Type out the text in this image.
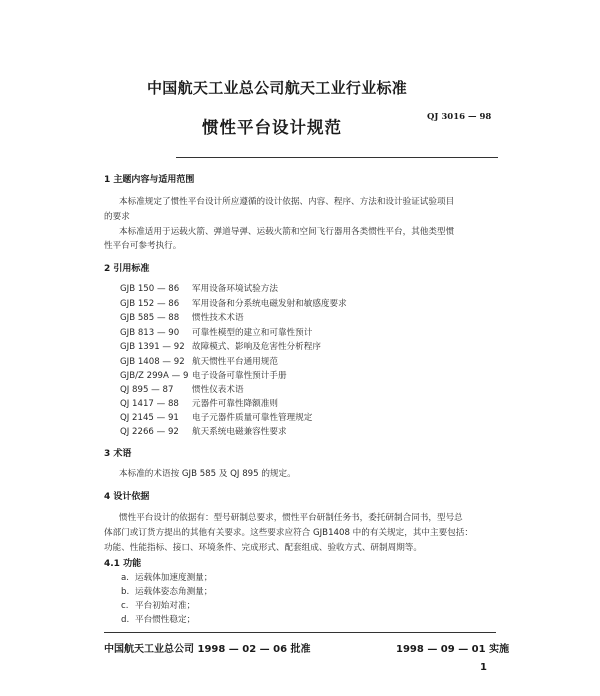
中国航天工业总公司航天工业行业标准
惯性平台设计规范
QJ 3016 — 98
1 主题内容与适用范围
本标准规定了惯性平台设计所应遵循的设计依据、内容、程序、方法和设计验证试验项目
的要求
本标准适用于运载火箭、弹道导弹、运载火箭和空间飞行器用各类惯性平台，其他类型惯
性平台可参考执行。
2 引用标准
GJB 150 — 86 军用设备环境试验方法
GJB 152 — 86 军用设备和分系统电磁发射和敏感度要求
GJB 585 — 88 惯性技术术语
GJB 813 — 90 可靠性模型的建立和可靠性预计
GJB 1391 — 92 故障模式、影响及危害性分析程序
GJB 1408 — 92 航天惯性平台通用规范
GJB/Z 299A — 9 电子设备可靠性预计手册
QJ 895 — 87 惯性仪表术语
QJ 1417 — 88 元器件可靠性降额准则
QJ 2145 — 91 电子元器件质量可靠性管理规定
QJ 2266 — 92 航天系统电磁兼容性要求
3 术语
本标准的术语按 GJB 585 及 QJ 895 的规定。
4 设计依据
惯性平台设计的依据有：型号研制总要求，惯性平台研制任务书，委托研制合同书，型号总
体部门或订货方提出的其他有关要求。这些要求应符合 GJB1408 中的有关规定，其中主要包括：
功能、性能指标、接口、环境条件、完成形式、配套组成、验收方式、研制周期等。
4.1 功能
a. 运载体加速度测量；
b. 运载体姿态角测量；
c. 平台初始对准；
d. 平台惯性稳定；
中国航天工业总公司 1998 — 02 — 06 批准	1998 — 09 — 01 实施
1
